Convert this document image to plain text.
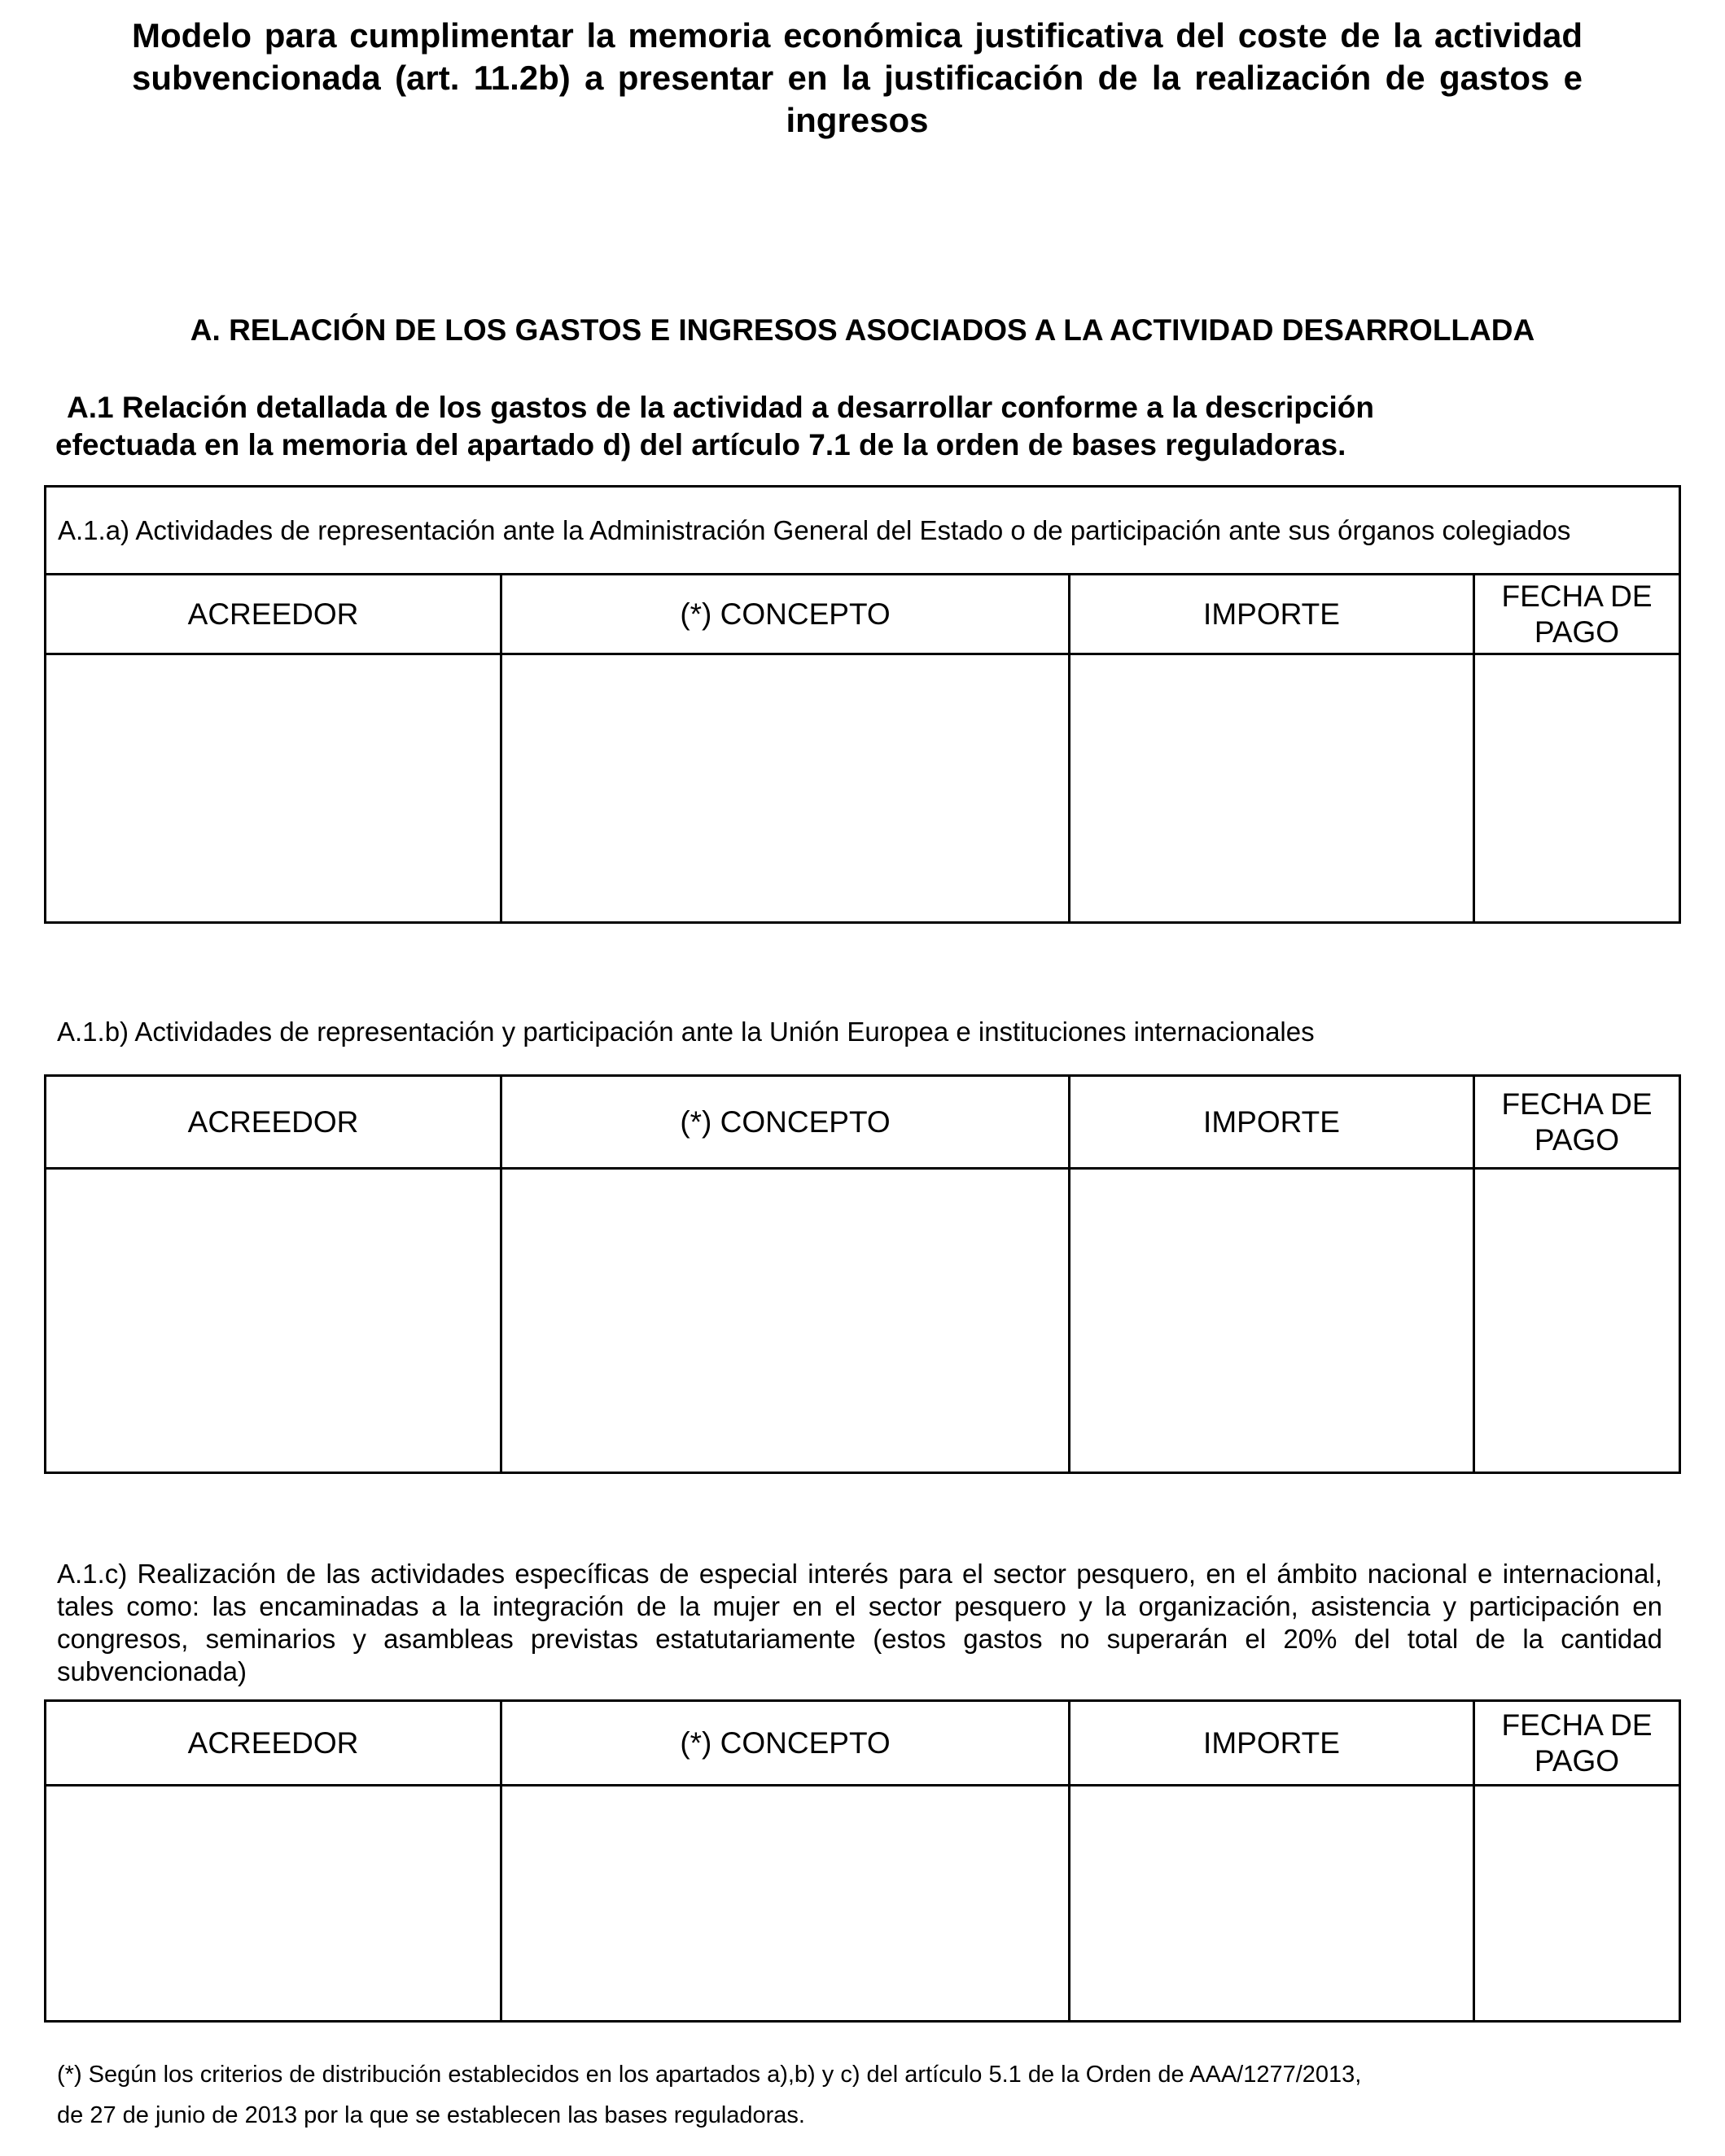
Modelo para cumplimentar la memoria económica justificativa del coste de la actividad subvencionada (art. 11.2b) a presentar en la justificación de la realización de gastos e ingresos
A. RELACIÓN DE LOS GASTOS E INGRESOS ASOCIADOS A LA ACTIVIDAD DESARROLLADA

A.1 Relación detallada de los gastos de la actividad a desarrollar conforme a la descripción

efectuada en la memoria del apartado d) del artículo 7.1 de la orden de bases reguladoras.

A.1.a) Actividades de representación ante la Administración General del Estado o de participación ante sus órganos colegiados			
ACREEDOR	(*) CONCEPTO	IMPORTE	FECHA DE PAGO

A.1.b) Actividades de representación y participación ante la Unión Europea e instituciones internacionales
ACREEDOR	(*) CONCEPTO	IMPORTE	FECHA DE PAGO

A.1.c) Realización de las actividades específicas de especial interés para el sector pesquero, en el ámbito nacional e internacional, tales como: las encaminadas a la integración de la mujer en el sector pesquero y la organización, asistencia y participación en congresos, seminarios y asambleas previstas estatutariamente (estos gastos no superarán el 20% del total de la cantidad subvencionada)
ACREEDOR	(*) CONCEPTO	IMPORTE	FECHA DE PAGO

(*) Según los criterios de distribución establecidos en los apartados a),b) y c) del artículo 5.1 de la Orden de AAA/1277/2013,

de 27 de junio de 2013 por la que se establecen las bases reguladoras.
